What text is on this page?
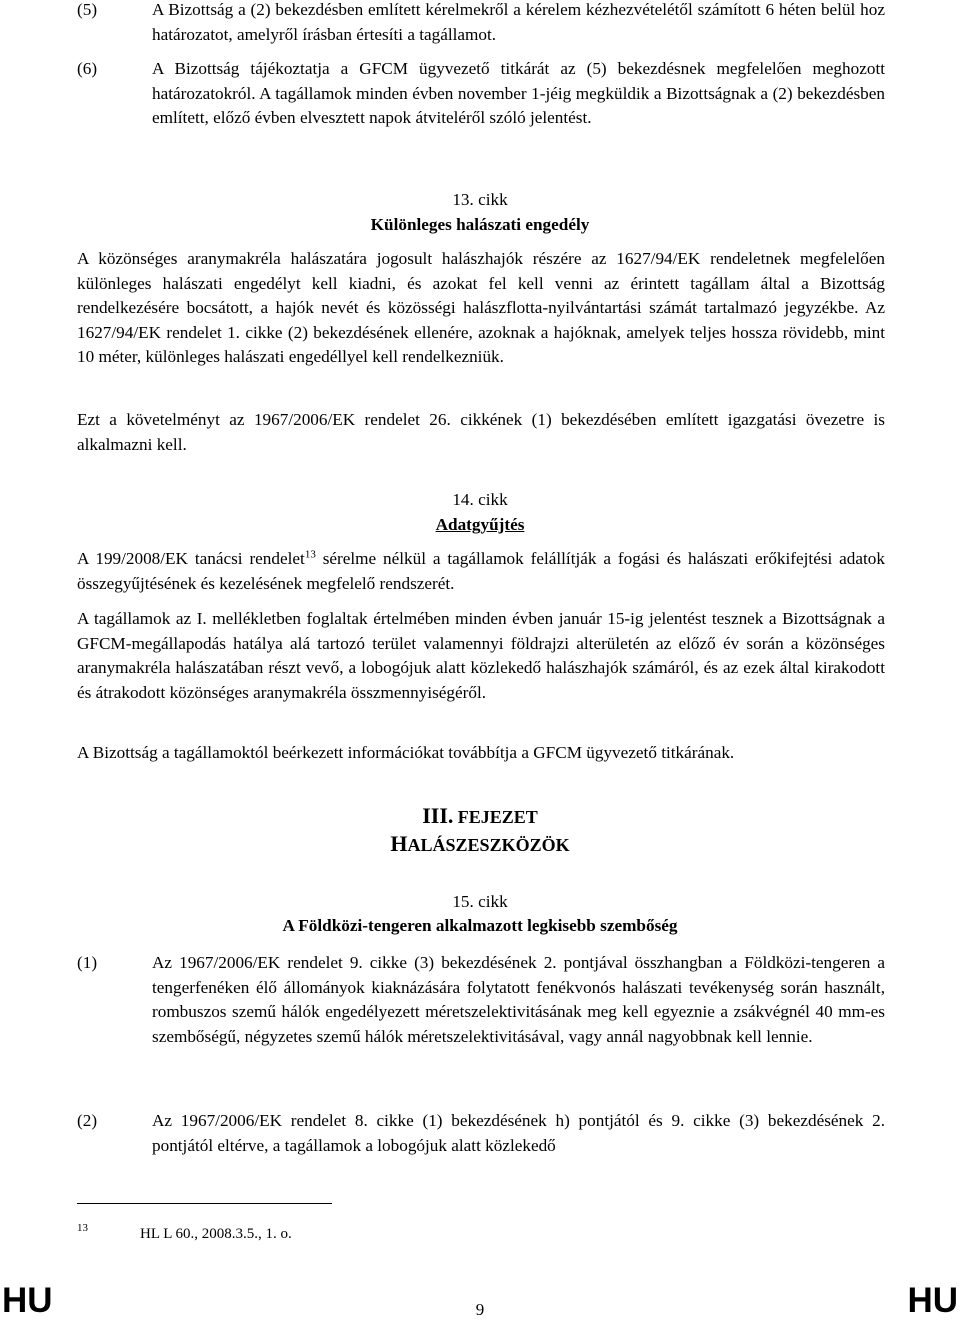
(5)	A Bizottság a (2) bekezdésben említett kérelmekről a kérelem kézhezvételétől számított 6 héten belül hoz határozatot, amelyről írásban értesíti a tagállamot.
(6)	A Bizottság tájékoztatja a GFCM ügyvezető titkárát az (5) bekezdésnek megfelelően meghozott határozatokról. A tagállamok minden évben november 1-jéig megküldik a Bizottságnak a (2) bekezdésben említett, előző évben elvesztett napok átviteléről szóló jelentést.
13. cikk
Különleges halászati engedély
A közönséges aranymakréla halászatára jogosult halászhajók részére az 1627/94/EK rendeletnek megfelelően különleges halászati engedélyt kell kiadni, és azokat fel kell venni az érintett tagállam által a Bizottság rendelkezésére bocsátott, a hajók nevét és közösségi halászflotta-nyilvántartási számát tartalmazó jegyzékbe. Az 1627/94/EK rendelet 1. cikke (2) bekezdésének ellenére, azoknak a hajóknak, amelyek teljes hossza rövidebb, mint 10 méter, különleges halászati engedéllyel kell rendelkezniük.
Ezt a követelményt az 1967/2006/EK rendelet 26. cikkének (1) bekezdésében említett igazgatási övezetre is alkalmazni kell.
14. cikk
Adatgyűjtés
A 199/2008/EK tanácsi rendelet$^{13}$ sérelme nélkül a tagállamok felállítják a fogási és halászati erőkifejtési adatok összegyűjtésének és kezelésének megfelelő rendszerét.
A tagállamok az I. mellékletben foglaltak értelmében minden évben január 15-ig jelentést tesznek a Bizottságnak a GFCM-megállapodás hatálya alá tartozó terület valamennyi földrajzi alterületén az előző év során a közönséges aranymakréla halászatában részt vevő, a lobogójuk alatt közlekedő halászhajók számáról, és az ezek által kirakodott és átrakodott közönséges aranymakréla összmennyiségéről.
A Bizottság a tagállamoktól beérkezett információkat továbbítja a GFCM ügyvezető titkárának.
III. FEJEZET
HALÁSZESZKÖZÖK
15. cikk
A Földközi-tengeren alkalmazott legkisebb szembőség
(1)	Az 1967/2006/EK rendelet 9. cikke (3) bekezdésének 2. pontjával összhangban a Földközi-tengeren a tengerfenéken élő állományok kiaknázására folytatott fenékvonós halászati tevékenység során használt, rombuszos szemű hálók engedélyezett méretszelektivitásának meg kell egyeznie a zsákvégnél 40 mm-es szembőségű, négyzetes szemű hálók méretszelektivitásával, vagy annál nagyobbnak kell lennie.
(2)	Az 1967/2006/EK rendelet 8. cikke (1) bekezdésének h) pontjától és 9. cikke (3) bekezdésének 2. pontjától eltérve, a tagállamok a lobogójuk alatt közlekedő
13	HL L 60., 2008.3.5., 1. o.
HU	9	HU
